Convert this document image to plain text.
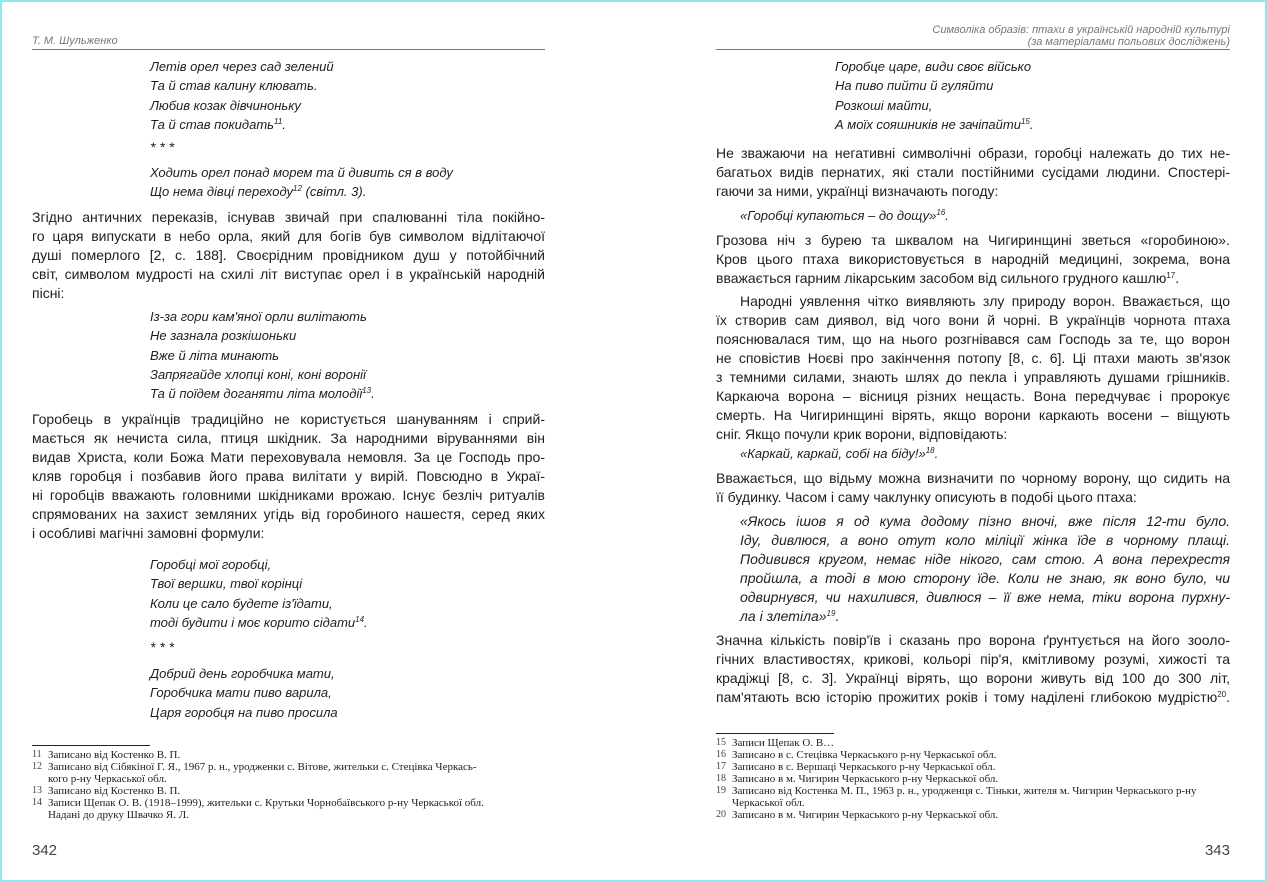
Т. М. Шульженко
11 Записано від Костенко В. П.
12 Записано від Сібякіної Г. Я., 1967 р. н., уродженки с. Вітове, жительки с. Стецівка Черкась-
кого р-ну Черкаської обл.
13 Записано від Костенко В. П.
14 Записи Щепак О. В. (1918–1999), жительки с. Крутьки Чорнобаївського р-ну Черкаської обл.
Надані до друку Швачко Я. Л.
342
Летів орел через сад зелений
Та й став калину клювать.
Любив козак дівчиноньку
Та й став покидать$^{11}$.
* * *
Ходить орел понад морем та й дивить ся в воду
Що нема дівці переходу$^{12}$ (світл. 3).
Згідно античних переказів, існував звичай при спалюванні тіла покійно-
го царя випускати в небо орла, який для богів був символом відлітаючої
душі померлого [2, с. 188]. Своєрідним провідником душ у потойбічний
світ, символом мудрості на схилі літ виступає орел і в українській народній
пісні:
Із-за гори кам'яної орли вилітають
Не зазнала розкішоньки
Вже й літа минають
Запрягайде хлопці коні, коні воронії
Та й поїдем доганяти літа молодії$^{13}$.
Горобець в українців традиційно не користується шануванням і сприй-
мається як нечиста сила, птиця шкідник. За народними віруваннями він
видав Христа, коли Божа Мати переховувала немовля. За це Господь про-
кляв горобця і позбавив його права вилітати у вирій. Повсюдно в Украї-
ні горобців вважають головними шкідниками врожаю. Існує безліч ритуалів
спрямованих на захист земляних угідь від горобиного нашестя, серед яких
і особливі магічні замовні формули:
Горобці мої горобці,
Твої вершки, твої корінці
Коли це сало будете із'їдати,
тоді будити і моє корито сідати$^{14}$.
* * *
Добрий день горобчика мати,
Горобчика мати пиво варила,
Царя горобця на пиво просила
Символіка образів: птахи в українській народній культурі
(за матеріалами польових досліджень)
15 Записи Щепак О. В…
16 Записано в с. Стецівка Черкаського р-ну Черкаської обл.
17 Записано в с. Вершаці Черкаського р-ну Черкаської обл.
18 Записано в м. Чигирин Черкаського р-ну Черкаської обл.
19 Записано від Костенка М. П., 1963 р. н., уродженця с. Тіньки, жителя м. Чигирин Черкаського р-ну
Черкаської обл.
20 Записано в м. Чигирин Черкаського р-ну Черкаської обл.
343
Горобце царе, види своє військо
На пиво пийти й гуляйти
Розкоші майти,
А моїх сояшників не зачіпайти$^{15}$.
Не зважаючи на негативні символічні образи, горобці належать до тих не-
багатьох видів пернатих, які стали постійними сусідами людини. Спостері-
гаючи за ними, українці визначають погоду:
«Горобці купаються – до дощу»$^{16}$.
Грозова ніч з бурею та шквалом на Чигиринщині зветься «горобиною».
Кров цього птаха використовується в народній медицині, зокрема, вона
вважається гарним лікарським засобом від сильного грудного кашлю$^{17}$.
Народні уявлення чітко виявляють злу природу ворон. Вважається, що
їх створив сам диявол, від чого вони й чорні. В українців чорнота птаха
пояснювалася тим, що на нього розгнівався сам Господь за те, що ворон
не сповістив Ноєві про закінчення потопу [8, с. 6]. Ці птахи мають зв'язок
з темними силами, знають шлях до пекла і управляють душами грішників.
Каркаюча ворона – вісниця різних нещасть. Вона передчуває і пророкує
смерть. На Чигиринщині вірять, якщо ворони каркають восени – віщують
сніг. Якщо почули крик ворони, відповідають:
«Каркай, каркай, собі на біду!»$^{18}$.
Вважається, що відьму можна визначити по чорному ворону, що сидить на
її будинку. Часом і саму чаклунку описують в подобі цього птаха:
«Якось ішов я од кума додому пізно вночі, вже після 12-ти було.
Іду, дивлюся, а воно отут коло міліції жінка їде в чорному плащі.
Подивився кругом, немає ніде нікого, сам стою. А вона перехрестя
пройшла, а тоді в мою сторону їде. Коли не знаю, як воно було, чи
одвирнувся, чи нахилився, дивлюся – її вже нема, тіки ворона пурхну-
ла і злетіла»$^{19}$.
Значна кількість повір'їв і сказань про ворона ґрунтується на його зооло-
гічних властивостях, крикові, кольорі пір'я, кмітливому розумі, хижості та
крадіжці [8, с. 3]. Українці вірять, що ворони живуть від 100 до 300 літ,
пам'ятають всю історію прожитих років і тому наділені глибокою мудрістю$^{20}$.
